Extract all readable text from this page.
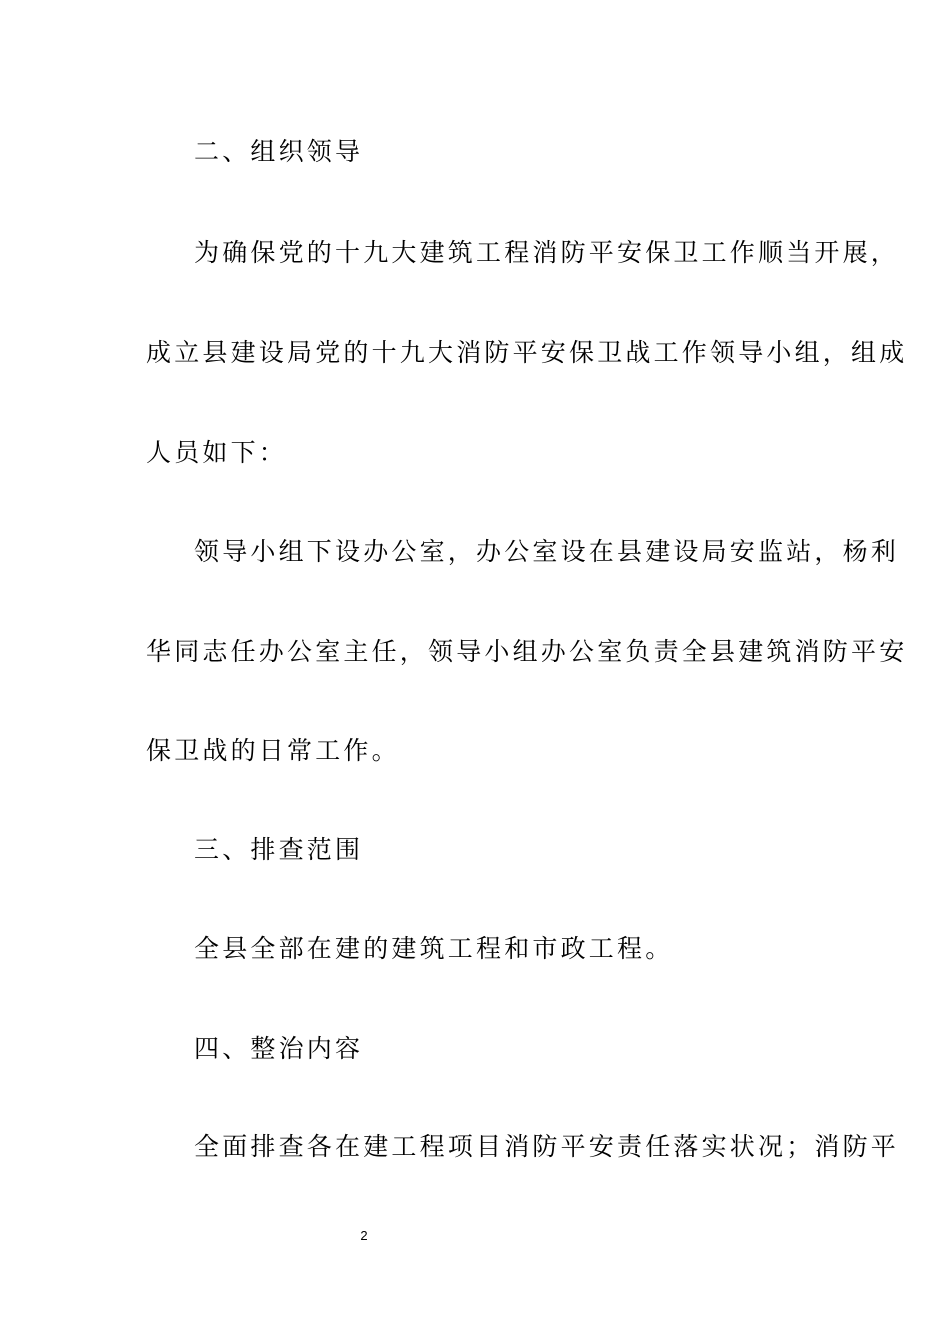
二、组织领导
为确保党的十九大建筑工程消防平安保卫工作顺当开展，
成立县建设局党的十九大消防平安保卫战工作领导小组，组成
人员如下：
领导小组下设办公室，办公室设在县建设局安监站，杨利
华同志任办公室主任，领导小组办公室负责全县建筑消防平安
保卫战的日常工作。
三、排查范围
全县全部在建的建筑工程和市政工程。
四、整治内容
全面排查各在建工程项目消防平安责任落实状况；消防平
2
